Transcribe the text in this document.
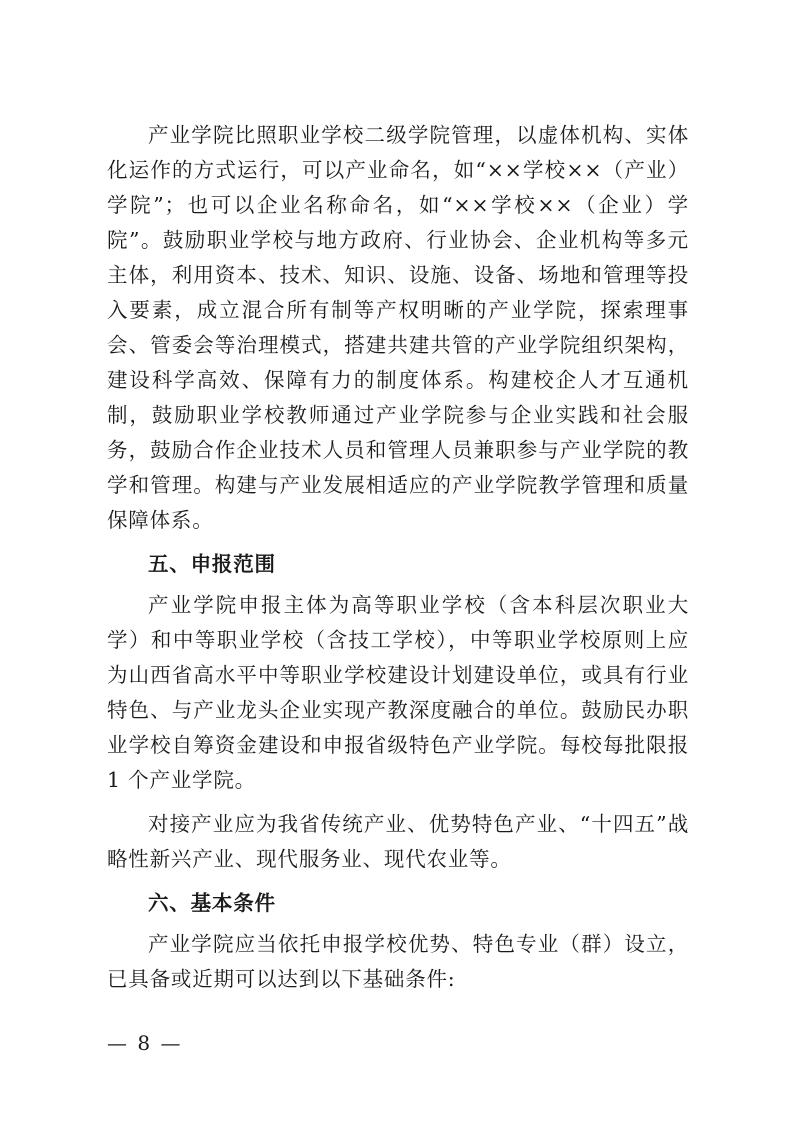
产业学院比照职业学校二级学院管理，以虚体机构、实体化运作的方式运行，可以产业命名，如“××学校××（产业）学院”；也可以企业名称命名，如“××学校××（企业）学院”。鼓励职业学校与地方政府、行业协会、企业机构等多元主体，利用资本、技术、知识、设施、设备、场地和管理等投入要素，成立混合所有制等产权明晰的产业学院，探索理事会、管委会等治理模式，搭建共建共管的产业学院组织架构，建设科学高效、保障有力的制度体系。构建校企人才互通机制，鼓励职业学校教师通过产业学院参与企业实践和社会服务，鼓励合作企业技术人员和管理人员兼职参与产业学院的教学和管理。构建与产业发展相适应的产业学院教学管理和质量保障体系。

五、申报范围

产业学院申报主体为高等职业学校（含本科层次职业大学）和中等职业学校（含技工学校），中等职业学校原则上应为山西省高水平中等职业学校建设计划建设单位，或具有行业特色、与产业龙头企业实现产教深度融合的单位。鼓励民办职业学校自筹资金建设和申报省级特色产业学院。每校每批限报 1 个产业学院。

对接产业应为我省传统产业、优势特色产业、“十四五”战略性新兴产业、现代服务业、现代农业等。

六、基本条件

产业学院应当依托申报学校优势、特色专业（群）设立，已具备或近期可以达到以下基础条件:

— 8 —
